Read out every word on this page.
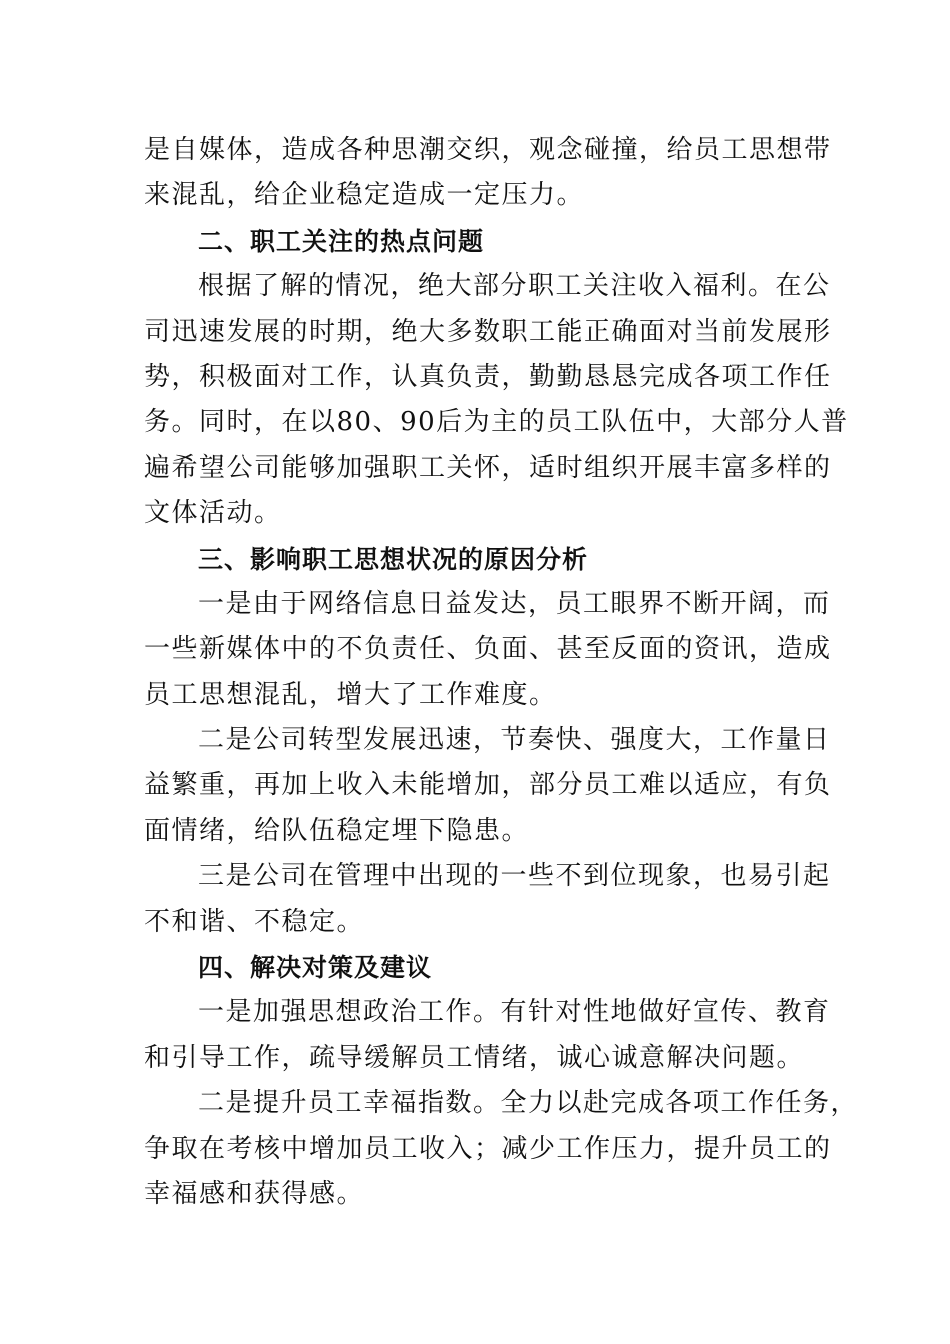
是自媒体，造成各种思潮交织，观念碰撞，给员工思想带
来混乱，给企业稳定造成一定压力。
二、职工关注的热点问题
根据了解的情况，绝大部分职工关注收入福利。在公
司迅速发展的时期，绝大多数职工能正确面对当前发展形
势，积极面对工作，认真负责，勤勤恳恳完成各项工作任
务。同时，在以80、90后为主的员工队伍中，大部分人普
遍希望公司能够加强职工关怀，适时组织开展丰富多样的
文体活动。
三、影响职工思想状况的原因分析
一是由于网络信息日益发达，员工眼界不断开阔，而
一些新媒体中的不负责任、负面、甚至反面的资讯，造成
员工思想混乱，增大了工作难度。
二是公司转型发展迅速，节奏快、强度大，工作量日
益繁重，再加上收入未能增加，部分员工难以适应，有负
面情绪，给队伍稳定埋下隐患。
三是公司在管理中出现的一些不到位现象，也易引起
不和谐、不稳定。
四、解决对策及建议
一是加强思想政治工作。有针对性地做好宣传、教育
和引导工作，疏导缓解员工情绪，诚心诚意解决问题。
二是提升员工幸福指数。全力以赴完成各项工作任务，
争取在考核中增加员工收入；减少工作压力，提升员工的
幸福感和获得感。
